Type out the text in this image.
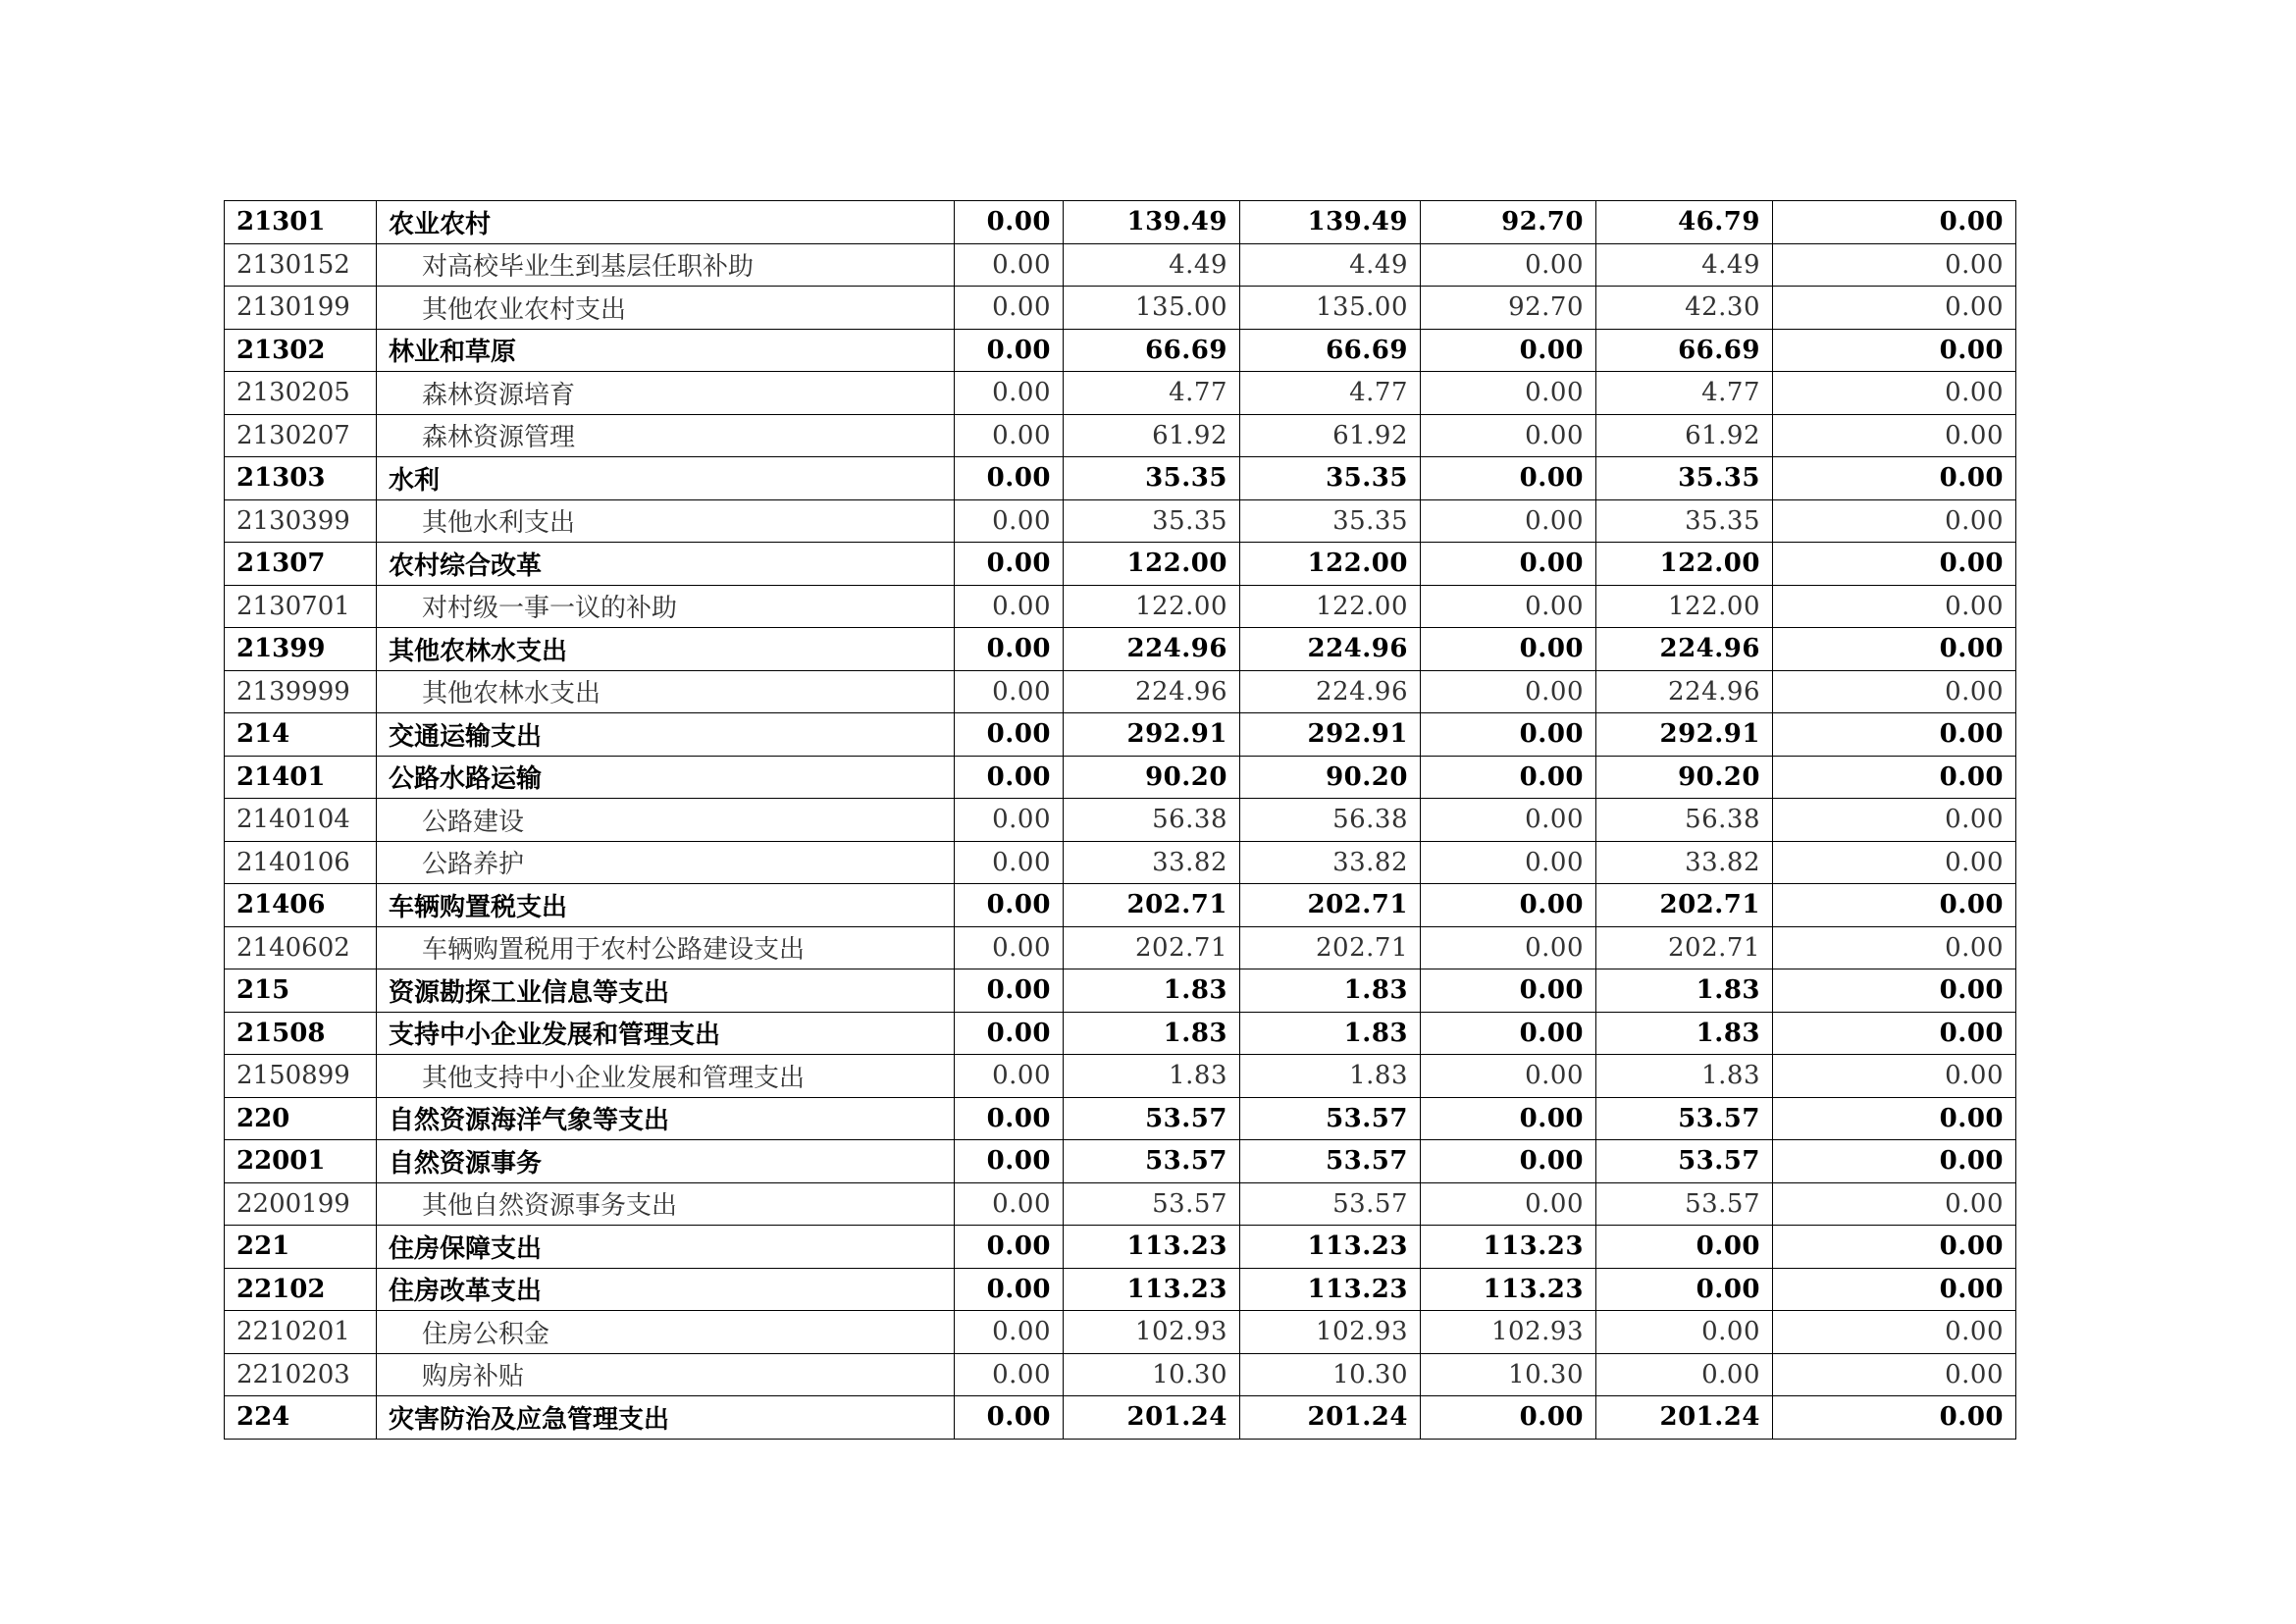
21301	农业农村	0.00	139.49	139.49	92.70	46.79	0.00
2130152	对高校毕业生到基层任职补助	0.00	4.49	4.49	0.00	4.49	0.00
2130199	其他农业农村支出	0.00	135.00	135.00	92.70	42.30	0.00
21302	林业和草原	0.00	66.69	66.69	0.00	66.69	0.00
2130205	森林资源培育	0.00	4.77	4.77	0.00	4.77	0.00
2130207	森林资源管理	0.00	61.92	61.92	0.00	61.92	0.00
21303	水利	0.00	35.35	35.35	0.00	35.35	0.00
2130399	其他水利支出	0.00	35.35	35.35	0.00	35.35	0.00
21307	农村综合改革	0.00	122.00	122.00	0.00	122.00	0.00
2130701	对村级一事一议的补助	0.00	122.00	122.00	0.00	122.00	0.00
21399	其他农林水支出	0.00	224.96	224.96	0.00	224.96	0.00
2139999	其他农林水支出	0.00	224.96	224.96	0.00	224.96	0.00
214	交通运输支出	0.00	292.91	292.91	0.00	292.91	0.00
21401	公路水路运输	0.00	90.20	90.20	0.00	90.20	0.00
2140104	公路建设	0.00	56.38	56.38	0.00	56.38	0.00
2140106	公路养护	0.00	33.82	33.82	0.00	33.82	0.00
21406	车辆购置税支出	0.00	202.71	202.71	0.00	202.71	0.00
2140602	车辆购置税用于农村公路建设支出	0.00	202.71	202.71	0.00	202.71	0.00
215	资源勘探工业信息等支出	0.00	1.83	1.83	0.00	1.83	0.00
21508	支持中小企业发展和管理支出	0.00	1.83	1.83	0.00	1.83	0.00
2150899	其他支持中小企业发展和管理支出	0.00	1.83	1.83	0.00	1.83	0.00
220	自然资源海洋气象等支出	0.00	53.57	53.57	0.00	53.57	0.00
22001	自然资源事务	0.00	53.57	53.57	0.00	53.57	0.00
2200199	其他自然资源事务支出	0.00	53.57	53.57	0.00	53.57	0.00
221	住房保障支出	0.00	113.23	113.23	113.23	0.00	0.00
22102	住房改革支出	0.00	113.23	113.23	113.23	0.00	0.00
2210201	住房公积金	0.00	102.93	102.93	102.93	0.00	0.00
2210203	购房补贴	0.00	10.30	10.30	10.30	0.00	0.00
224	灾害防治及应急管理支出	0.00	201.24	201.24	0.00	201.24	0.00
